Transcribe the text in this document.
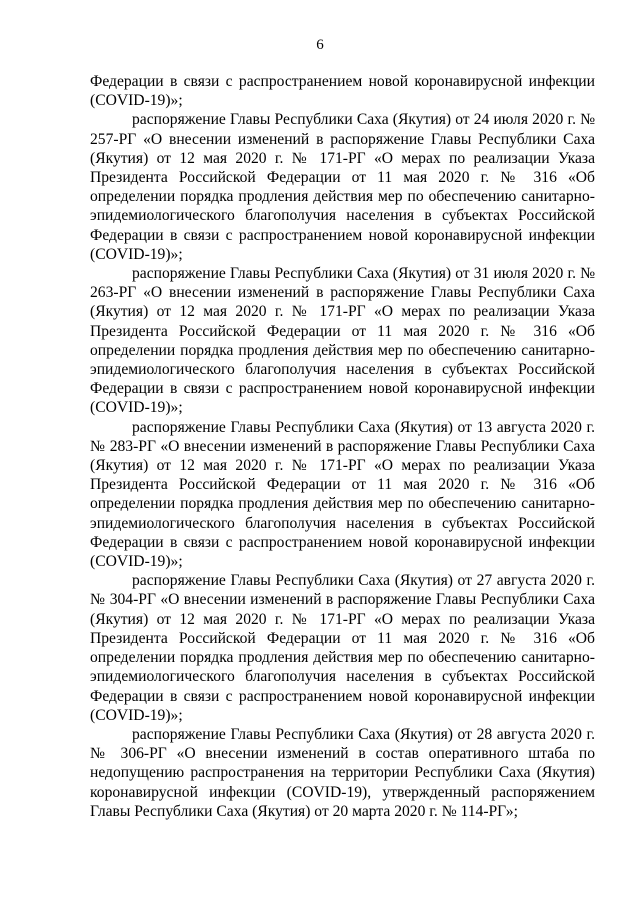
6

Федерации в связи с распространением новой коронавирусной инфекции (COVID-19)»;

распоряжение Главы Республики Саха (Якутия) от 24 июля 2020 г. № 257-РГ «О внесении изменений в распоряжение Главы Республики Саха (Якутия) от 12 мая 2020 г. № 171-РГ «О мерах по реализации Указа Президента Российской Федерации от 11 мая 2020 г. № 316 «Об определении порядка продления действия мер по обеспечению санитарно-эпидемиологического благополучия населения в субъектах Российской Федерации в связи с распространением новой коронавирусной инфекции (COVID-19)»;

распоряжение Главы Республики Саха (Якутия) от 31 июля 2020 г. № 263-РГ «О внесении изменений в распоряжение Главы Республики Саха (Якутия) от 12 мая 2020 г. № 171-РГ «О мерах по реализации Указа Президента Российской Федерации от 11 мая 2020 г. № 316 «Об определении порядка продления действия мер по обеспечению санитарно-эпидемиологического благополучия населения в субъектах Российской Федерации в связи с распространением новой коронавирусной инфекции (COVID-19)»;

распоряжение Главы Республики Саха (Якутия) от 13 августа 2020 г. № 283-РГ «О внесении изменений в распоряжение Главы Республики Саха (Якутия) от 12 мая 2020 г. № 171-РГ «О мерах по реализации Указа Президента Российской Федерации от 11 мая 2020 г. № 316 «Об определении порядка продления действия мер по обеспечению санитарно-эпидемиологического благополучия населения в субъектах Российской Федерации в связи с распространением новой коронавирусной инфекции (COVID-19)»;

распоряжение Главы Республики Саха (Якутия) от 27 августа 2020 г. № 304-РГ «О внесении изменений в распоряжение Главы Республики Саха (Якутия) от 12 мая 2020 г. № 171-РГ «О мерах по реализации Указа Президента Российской Федерации от 11 мая 2020 г. № 316 «Об определении порядка продления действия мер по обеспечению санитарно-эпидемиологического благополучия населения в субъектах Российской Федерации в связи с распространением новой коронавирусной инфекции (COVID-19)»;

распоряжение Главы Республики Саха (Якутия) от 28 августа 2020 г. № 306-РГ «О внесении изменений в состав оперативного штаба по недопущению распространения на территории Республики Саха (Якутия) коронавирусной инфекции (COVID-19), утвержденный распоряжением Главы Республики Саха (Якутия) от 20 марта 2020 г. № 114-РГ»;
